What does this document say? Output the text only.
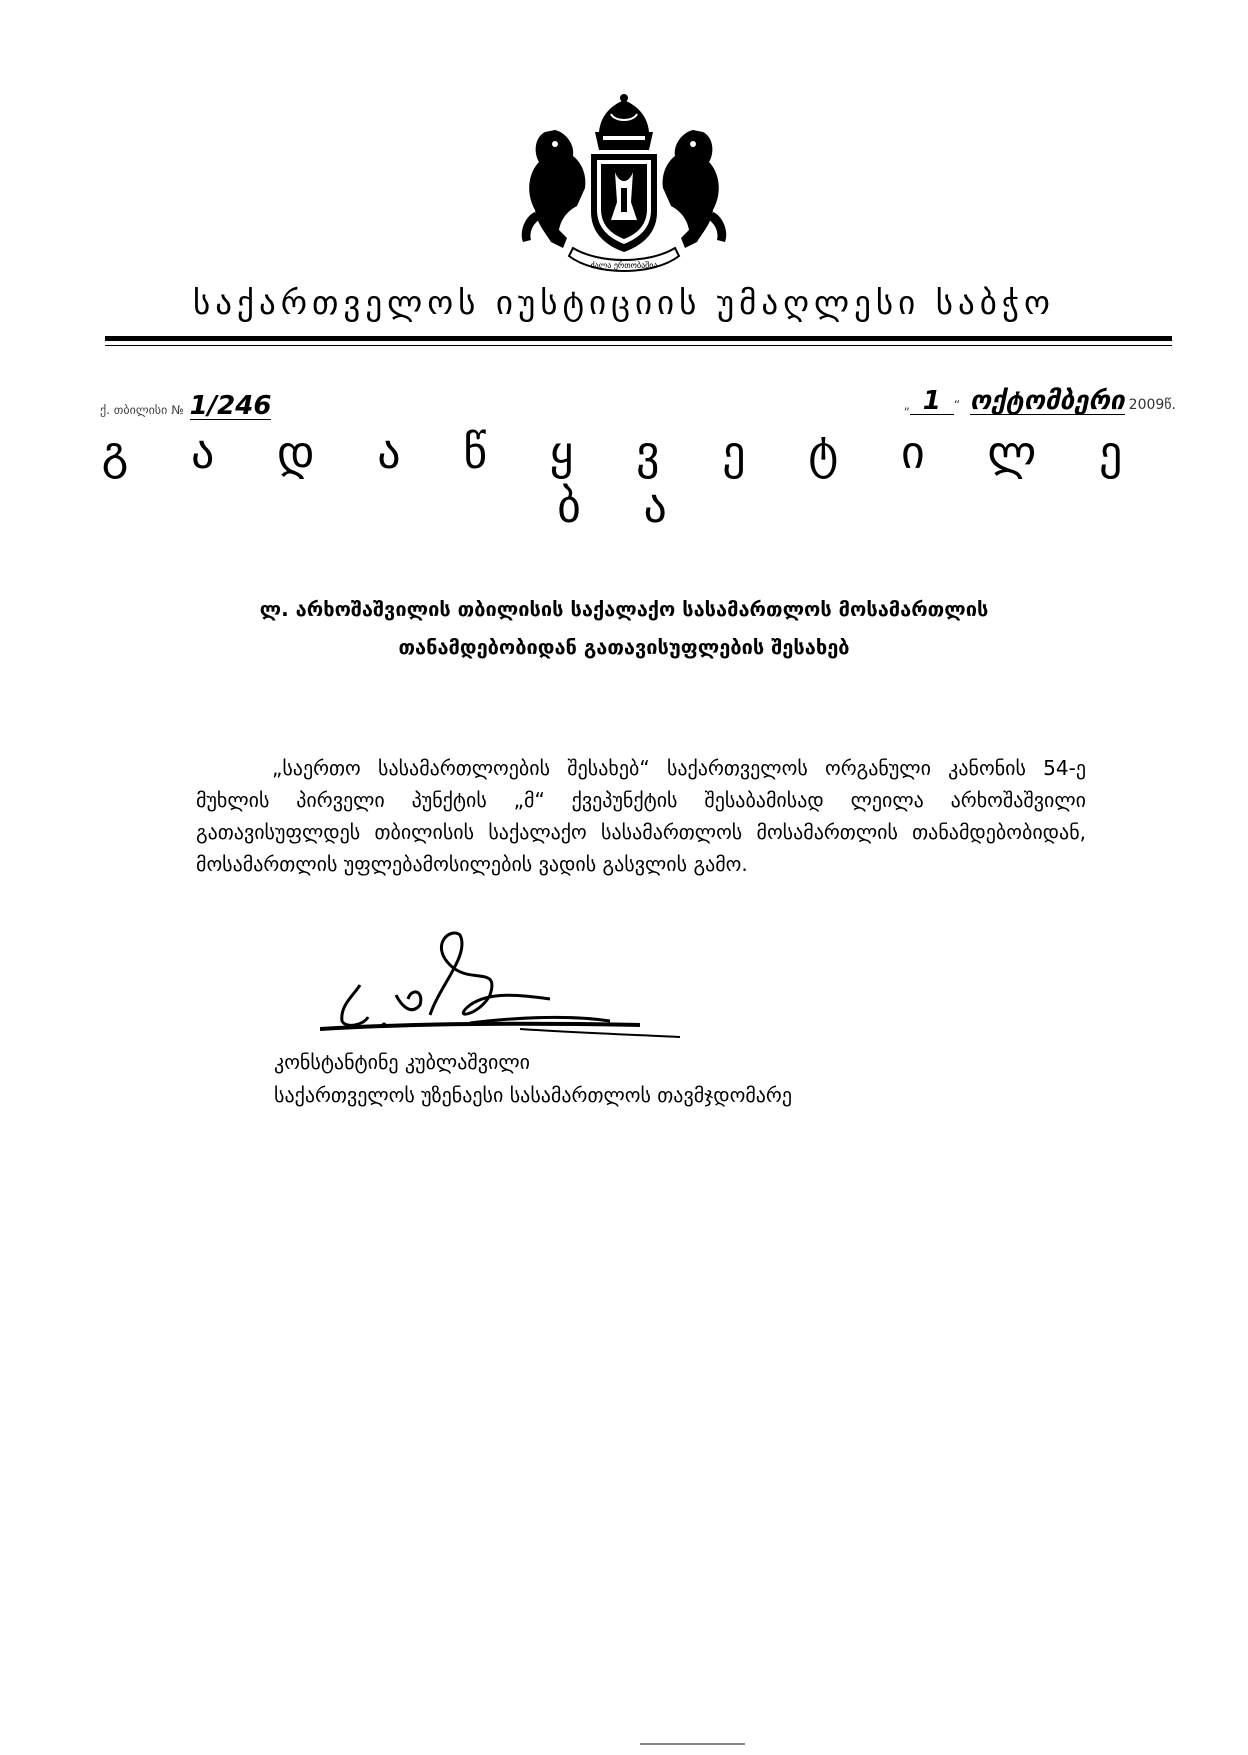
ძალა ერთობაშია
საქართველოს იუსტიციის უმაღლესი საბჭო
ქ. თბილისი № 1/246	„ 1 “ ოქტომბერი 2009წ.
გ ა დ ა წ ყ ვ ე ტ ი ლ ე ბ ა
ლ. არხოშაშვილის თბილისის საქალაქო სასამართლოს მოსამართლის
თანამდებობიდან გათავისუფლების შესახებ
„საერთო სასამართლოების შესახებ“ საქართველოს ორგანული კანონის 54-ე მუხლის პირველი პუნქტის „მ“ ქვეპუნქტის შესაბამისად ლეილა არხოშაშვილი გათავისუფლდეს თბილისის საქალაქო სასამართლოს მოსამართლის თანამდებობიდან, მოსამართლის უფლებამოსილების ვადის გასვლის გამო.
კონსტანტინე კუბლაშვილი
საქართველოს უზენაესი სასამართლოს თავმჯდომარე
